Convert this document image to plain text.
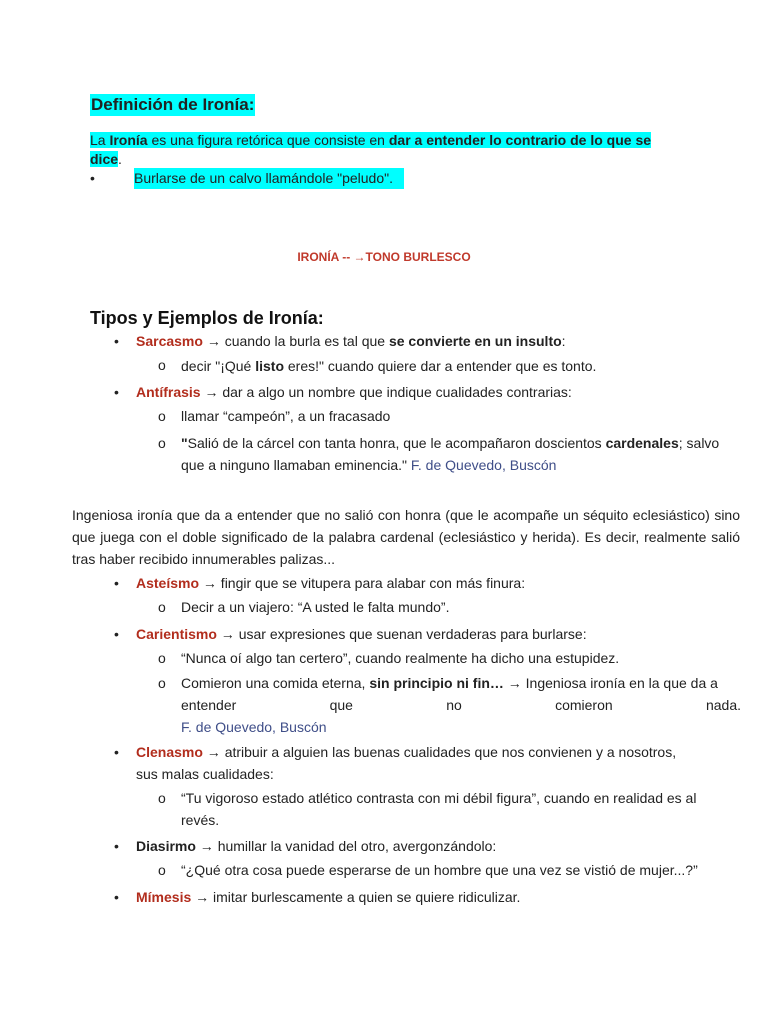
Definición de Ironía:
La Ironía es una figura retórica que consiste en dar a entender lo contrario de lo que se
dice.
•	Burlarse de un calvo llamándole "peludo".
IRONÍA -- →TONO BURLESCO
Tipos y Ejemplos de Ironía:
• Sarcasmo → cuando la burla es tal que se convierte en un insulto:
o decir "¡Qué listo eres!" cuando quiere dar a entender que es tonto.
• Antífrasis → dar a algo un nombre que indique cualidades contrarias:
o llamar “campeón”, a un fracasado
o "Salió de la cárcel con tanta honra, que le acompañaron doscientos cardenales; salvo
que a ninguno llamaban eminencia." F. de Quevedo, Buscón
Ingeniosa ironía que da a entender que no salió con honra (que le acompañe un séquito eclesiástico) sino que juega con el doble significado de la palabra cardenal (eclesiástico y herida). Es decir, realmente salió tras haber recibido innumerables palizas...
• Asteísmo → fingir que se vitupera para alabar con más finura:
o Decir a un viajero: “A usted le falta mundo”.
• Carientismo → usar expresiones que suenan verdaderas para burlarse:
o “Nunca oí algo tan certero”, cuando realmente ha dicho una estupidez.
o Comieron una comida eterna, sin principio ni fin… → Ingeniosa ironía en la que da a
entender que no comieron nada.
F. de Quevedo, Buscón
• Clenasmo → atribuir a alguien las buenas cualidades que nos convienen y a nosotros,
sus malas cualidades:
o “Tu vigoroso estado atlético contrasta con mi débil figura”, cuando en realidad es al
revés.
• Diasirmo → humillar la vanidad del otro, avergonzándolo:
o “¿Qué otra cosa puede esperarse de un hombre que una vez se vistió de mujer...?”
• Mímesis → imitar burlescamente a quien se quiere ridiculizar.
